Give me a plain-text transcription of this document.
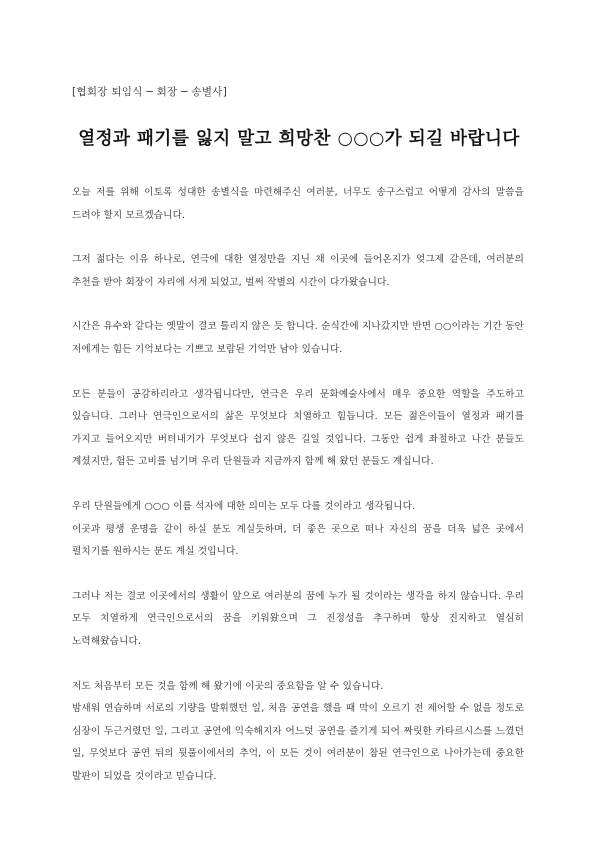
[협회장 퇴임식 ─ 회장 ─ 송별사]
열정과 패기를 잃지 말고 희망찬 ○○○가 되길 바랍니다

오늘 저를 위해 이토록 성대한 송별식을 마련해주신 여러분, 너무도 송구스럽고 어떻게 감사의 말씀을 드려야 할지 모르겠습니다.

그저 젊다는 이유 하나로, 연극에 대한 열정만을 지닌 채 이곳에 들어온지가 엊그제 같은데, 여러분의 추천을 받아 회장이 자리에 서게 되었고, 벌써 작별의 시간이 다가왔습니다.

시간은 유수와 같다는 옛말이 결코 틀리지 않은 듯 합니다. 순식간에 지나갔지만 반면 ○○이라는 기간 동안 저에게는 힘든 기억보다는 기쁘고 보람된 기억만 남아 있습니다.

모든 분들이 공감하리라고 생각됩니다만, 연극은 우리 문화예술사에서 매우 중요한 역할을 주도하고 있습니다. 그러나 연극인으로서의 삶은 무엇보다 치열하고 힘듭니다. 모든 젊은이들이 열정과 패기를 가지고 들어오지만 버텨내기가 무엇보다 쉽지 않은 길일 것입니다. 그동안 쉽게 좌절하고 나간 분들도 계셨지만, 험든 고비를 넘기며 우리 단원들과 지금까지 함께 해 왔던 분들도 계십니다.

우리 단원들에게 ○○○ 이름 석자에 대한 의미는 모두 다를 것이라고 생각됩니다.

이곳과 평생 운명을 같이 하실 분도 계실듯하며, 더 좋은 곳으로 떠나 자신의 꿈을 더욱 넓은 곳에서 펼치기를 원하시는 분도 계실 것입니다.

그러나 저는 결코 이곳에서의 생활이 앞으로 여러분의 꿈에 누가 될 것이라는 생각을 하지 않습니다. 우리 모두 치열하게 연극인으로서의 꿈을 키워왔으며 그 진정성을 추구하며 항상 진지하고 열심히 노력해왔습니다.

저도 처음부터 모든 것을 함께 해 왔기에 이곳의 중요함을 알 수 있습니다.

밤새워 연습하며 서로의 기량을 발휘했던 일, 처음 공연을 했을 때 막이 오르기 전 제어할 수 없을 정도로 심장이 두근거렸던 일, 그리고 공연에 익숙해지자 어느덧 공연을 즐기게 되어 짜릿한 카타르시스를 느꼈던 일, 무엇보다 공연 뒤의 뒷풀이에서의 추억, 이 모든 것이 여러분이 참된 연극인으로 나아가는데 중요한 발판이 되었을 것이라고 믿습니다.
